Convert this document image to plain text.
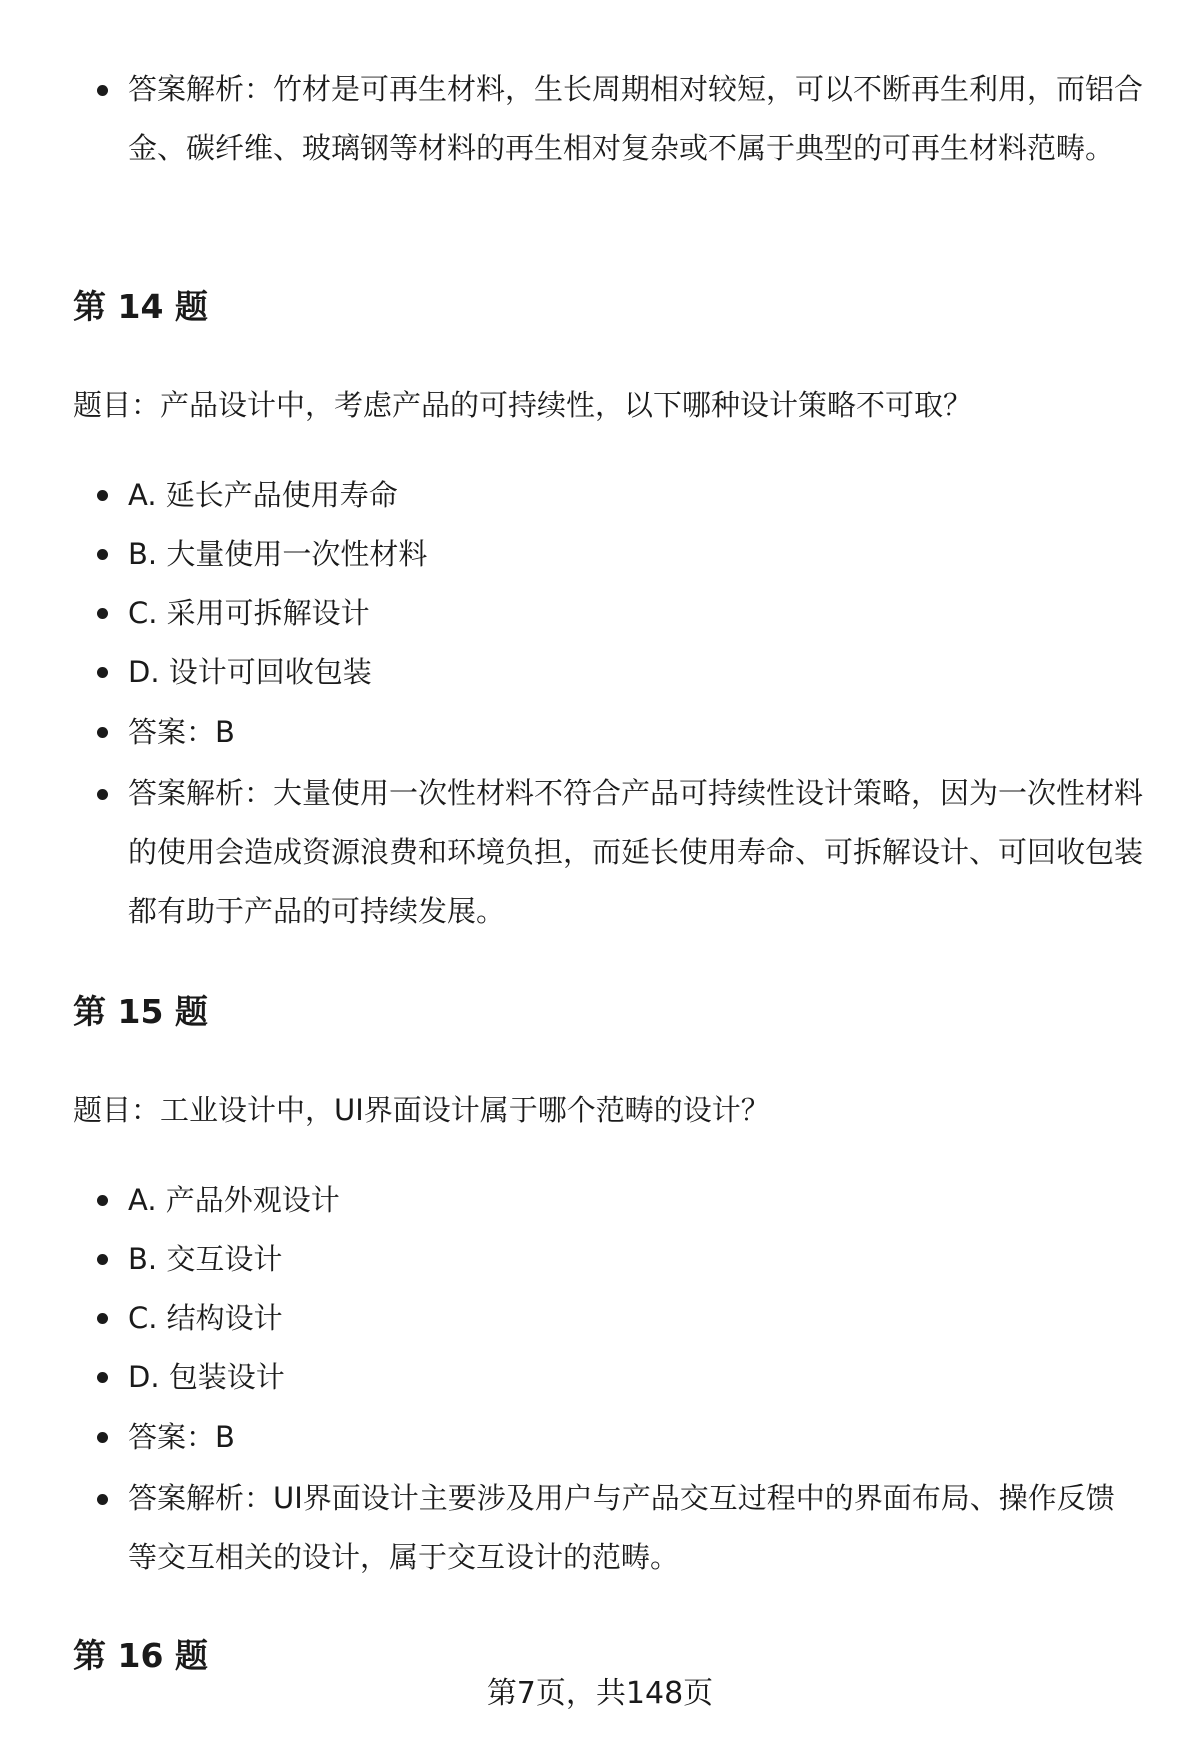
答案解析：竹材是可再生材料，生长周期相对较短，可以不断再生利用，而铝合金、碳纤维、玻璃钢等材料的再生相对复杂或不属于典型的可再生材料范畴。
第 14 题
题目：产品设计中，考虑产品的可持续性，以下哪种设计策略不可取？
A. 延长产品使用寿命
B. 大量使用一次性材料
C. 采用可拆解设计
D. 设计可回收包装
答案：B
答案解析：大量使用一次性材料不符合产品可持续性设计策略，因为一次性材料的使用会造成资源浪费和环境负担，而延长使用寿命、可拆解设计、可回收包装都有助于产品的可持续发展。
第 15 题
题目：工业设计中，UI界面设计属于哪个范畴的设计？
A. 产品外观设计
B. 交互设计
C. 结构设计
D. 包装设计
答案：B
答案解析：UI界面设计主要涉及用户与产品交互过程中的界面布局、操作反馈等交互相关的设计，属于交互设计的范畴。
第 16 题
第7页，共148页
